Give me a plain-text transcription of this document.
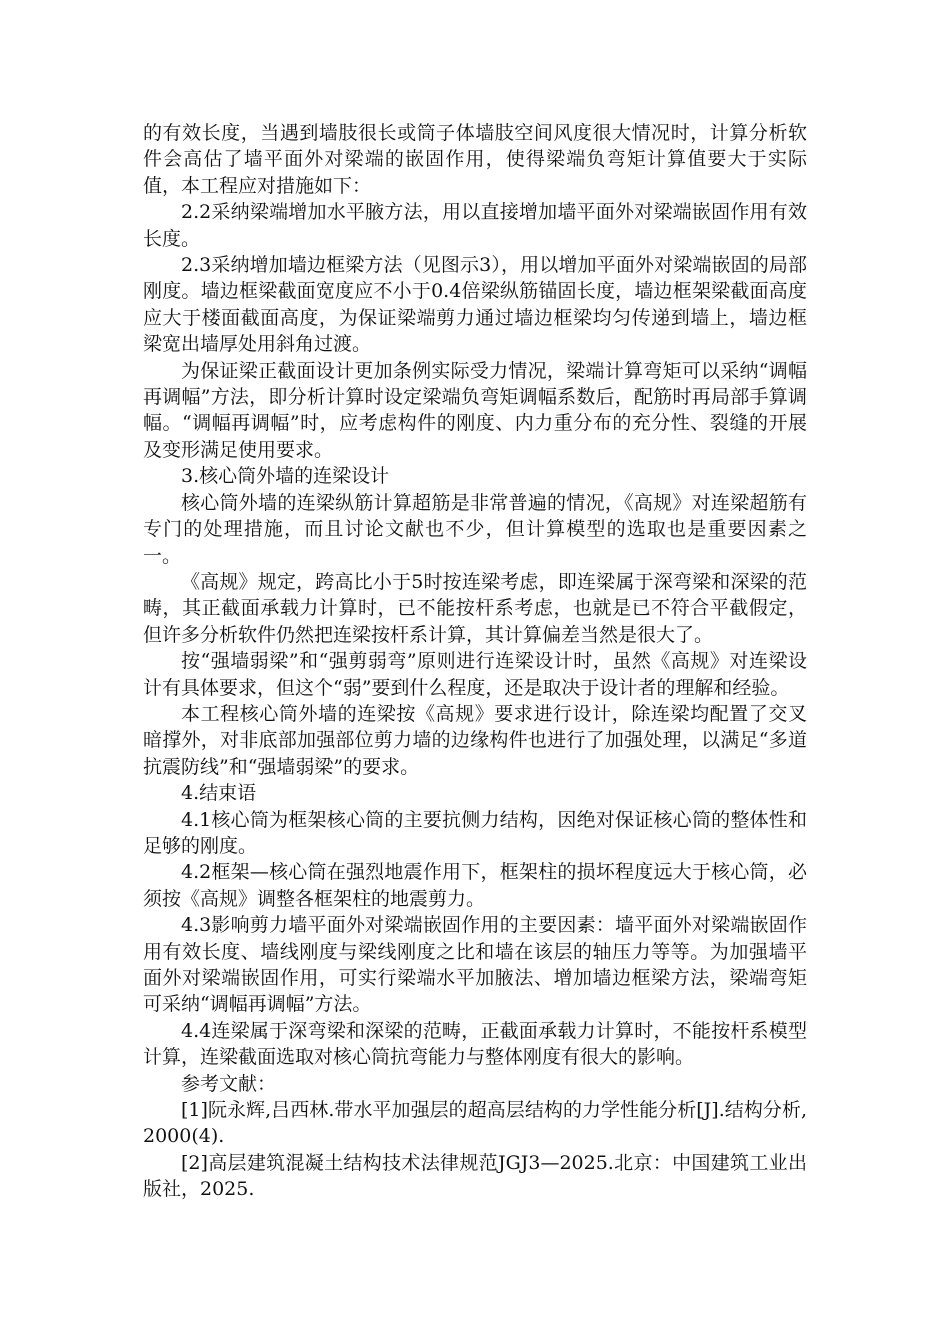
的有效长度，当遇到墙肢很长或筒子体墙肢空间风度很大情况时，计算分析软件会高估了墙平面外对梁端的嵌固作用，使得梁端负弯矩计算值要大于实际值，本工程应对措施如下：

2.2采纳梁端增加水平腋方法，用以直接增加墙平面外对梁端嵌固作用有效长度。

2.3采纳增加墙边框梁方法（见图示3），用以增加平面外对梁端嵌固的局部刚度。墙边框梁截面宽度应不小于0.4倍梁纵筋锚固长度，墙边框架梁截面高度应大于楼面截面高度，为保证梁端剪力通过墙边框梁均匀传递到墙上，墙边框梁宽出墙厚处用斜角过渡。

为保证梁正截面设计更加条例实际受力情况，梁端计算弯矩可以采纳“调幅再调幅”方法，即分析计算时设定梁端负弯矩调幅系数后，配筋时再局部手算调幅。“调幅再调幅”时，应考虑构件的刚度、内力重分布的充分性、裂缝的开展及变形满足使用要求。

3.核心筒外墙的连梁设计

核心筒外墙的连梁纵筋计算超筋是非常普遍的情况，《高规》对连梁超筋有专门的处理措施，而且讨论文献也不少，但计算模型的选取也是重要因素之一。

《高规》规定，跨高比小于5时按连梁考虑，即连梁属于深弯梁和深梁的范畴，其正截面承载力计算时，已不能按杆系考虑，也就是已不符合平截假定，但许多分析软件仍然把连梁按杆系计算，其计算偏差当然是很大了。

按“强墙弱梁”和“强剪弱弯”原则进行连梁设计时，虽然《高规》对连梁设计有具体要求，但这个“弱”要到什么程度，还是取决于设计者的理解和经验。

本工程核心筒外墙的连梁按《高规》要求进行设计，除连梁均配置了交叉暗撑外，对非底部加强部位剪力墙的边缘构件也进行了加强处理，以满足“多道抗震防线”和“强墙弱梁”的要求。

4.结束语

4.1核心筒为框架核心筒的主要抗侧力结构，因绝对保证核心筒的整体性和足够的刚度。

4.2框架—核心筒在强烈地震作用下，框架柱的损坏程度远大于核心筒，必须按《高规》调整各框架柱的地震剪力。

4.3影响剪力墙平面外对梁端嵌固作用的主要因素：墙平面外对梁端嵌固作用有效长度、墙线刚度与梁线刚度之比和墙在该层的轴压力等等。为加强墙平面外对梁端嵌固作用，可实行梁端水平加腋法、增加墙边框梁方法，梁端弯矩可采纳“调幅再调幅”方法。

4.4连梁属于深弯梁和深梁的范畴，正截面承载力计算时，不能按杆系模型计算，连梁截面选取对核心筒抗弯能力与整体刚度有很大的影响。

参考文献：

[1]阮永辉,吕西林.带水平加强层的超高层结构的力学性能分析[J].结构分析,2000(4).

[2]高层建筑混凝土结构技术法律规范JGJ3—2025.北京：中国建筑工业出版社，2025.
